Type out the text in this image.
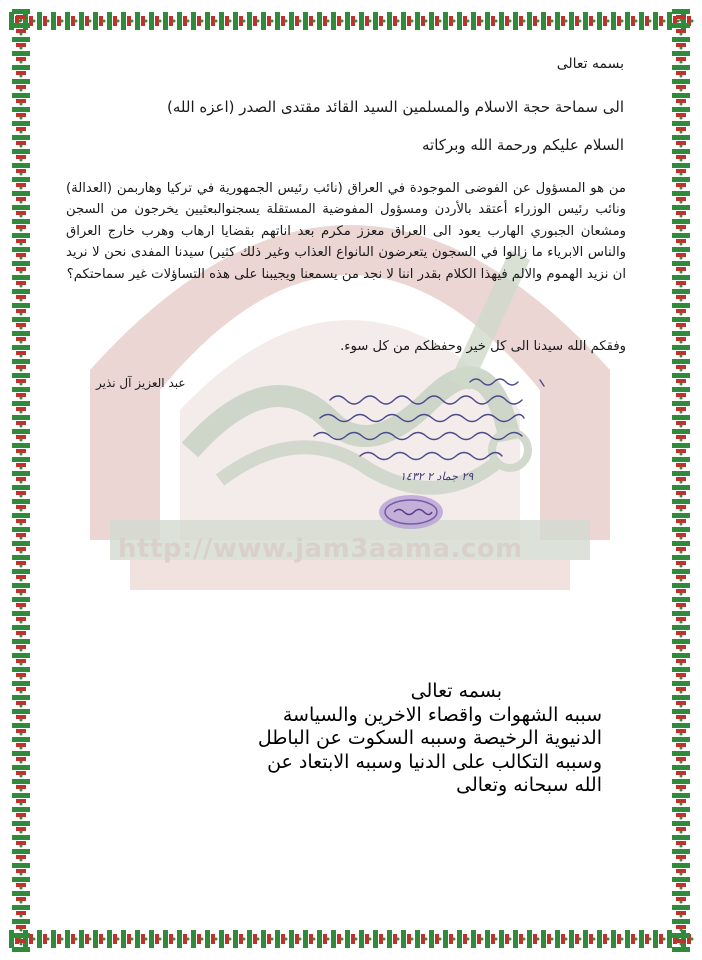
http://www.jam3aama.com
بسمه تعالى
الى سماحة حجة الاسلام والمسلمين السيد القائد مقتدى الصدر (اعزه الله)
السلام عليكم ورحمة الله وبركاته
من هو المسؤول عن الفوضى الموجودة في العراق (نائب رئيس الجمهورية في تركيا وهاربمن (العدالة) ونائب رئيس الوزراء أعتقد بالأردن ومسؤول المفوضية المستقلة يسجنوالبعثيين يخرجون من السجن ومشعان الجبوري الهارب يعود الى العراق معزز مكرم بعد اناتهم بقضايا ارهاب وهرب خارج العراق والناس الابرياء ما زالوا في السجون يتعرضون الىانواع العذاب وغير ذلك كثير) سيدنا المفدى نحن لا نريد ان نزيد الهموم والالم فيهذا الكلام بقدر اننا لا نجد من يسمعنا ويجيبنا على هذه التساؤلات غير سماحتكم؟
وفقكم الله سيدنا الى كل خير وحفظكم من كل سوء.
عبد العزيز آل نذير
٢٩ جماد ٢ ١٤٣٢
بسمه تعالى
سببه الشهوات واقصاء الاخرين والسياسة
الدنيوية الرخيصة وسببه السكوت عن الباطل
وسببه التكالب على الدنيا وسببه الابتعاد عن
الله سبحانه وتعالى
